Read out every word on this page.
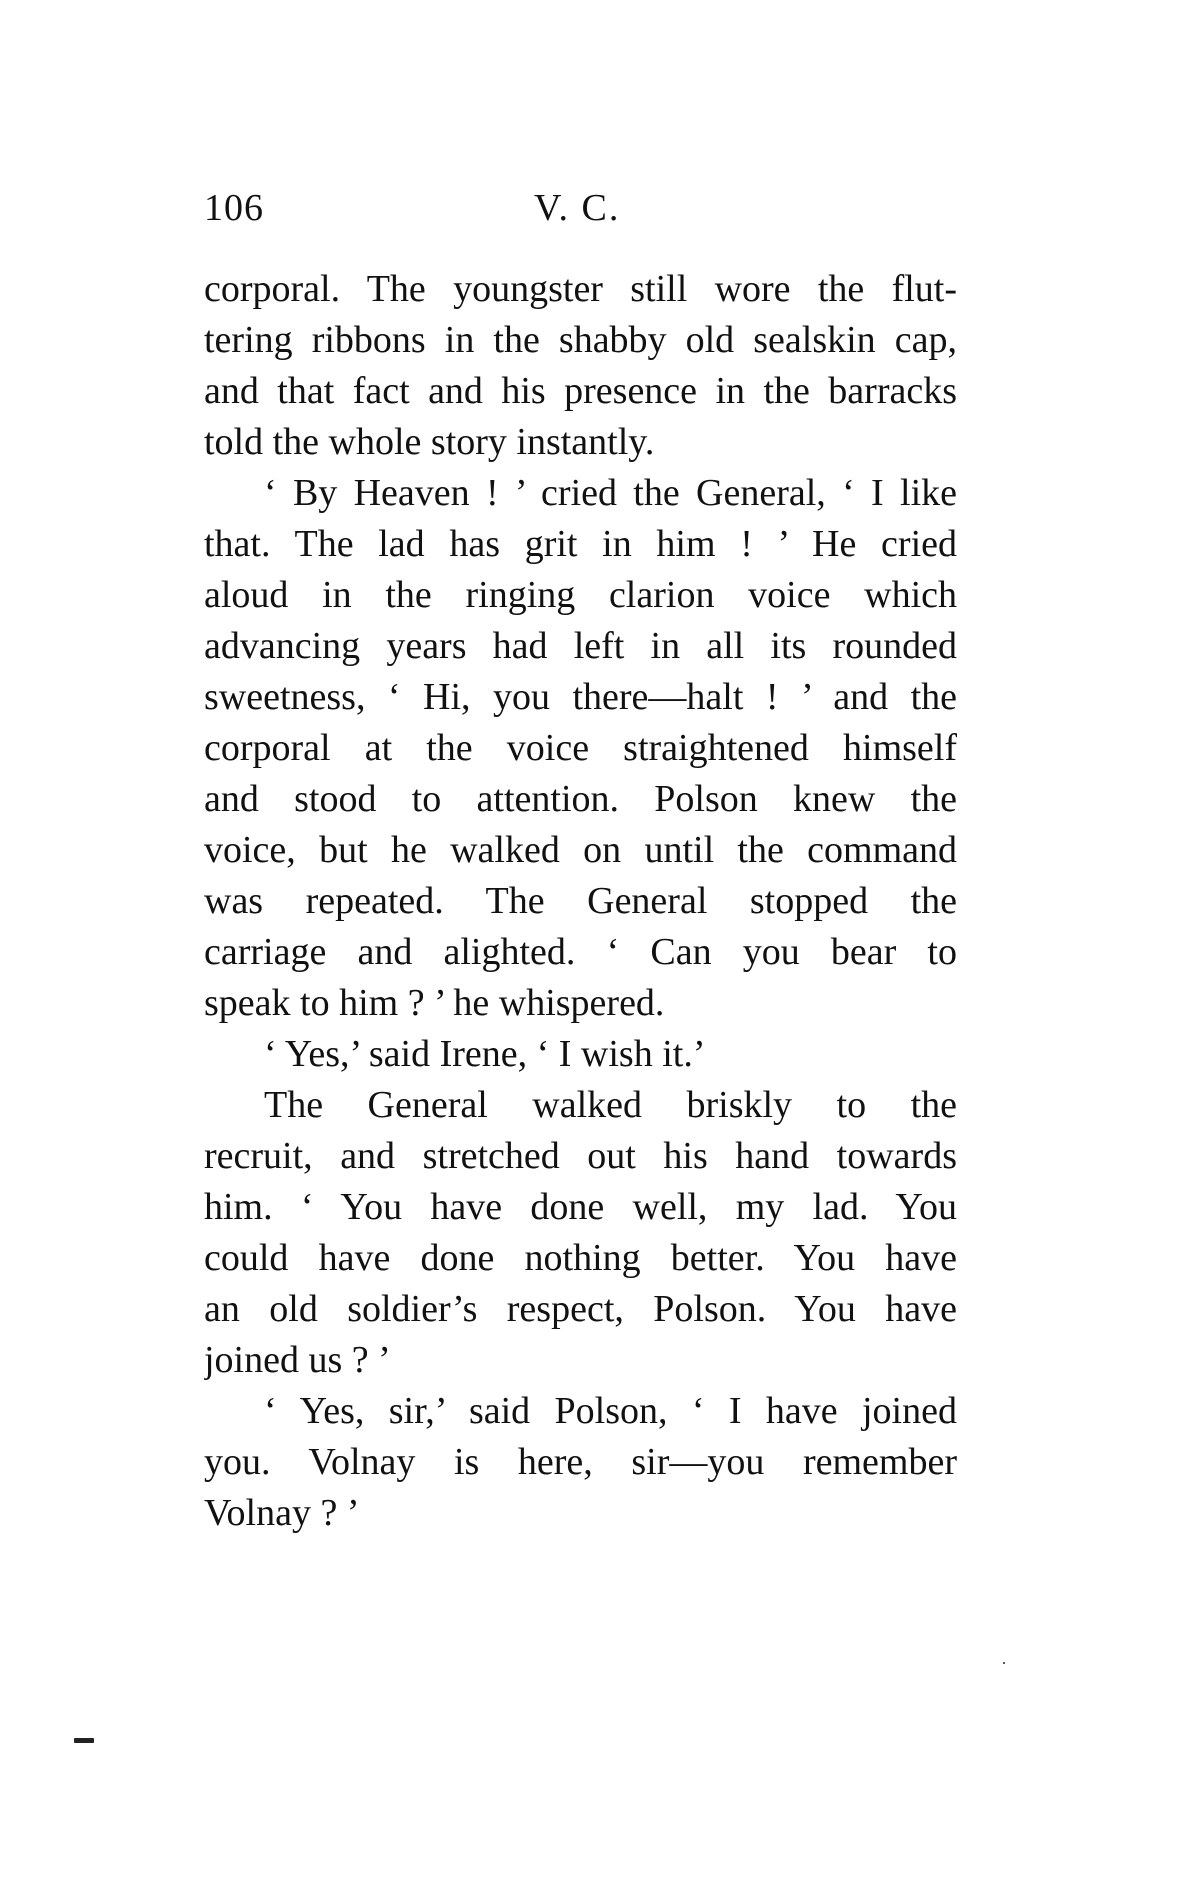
106	V. C.
corporal. The youngster still wore the flut-
tering ribbons in the shabby old sealskin cap,
and that fact and his presence in the barracks
told the whole story instantly.
‘ By Heaven ! ’ cried the General, ‘ I like
that. The lad has grit in him ! ’ He cried
aloud in the ringing clarion voice which
advancing years had left in all its rounded
sweetness, ‘ Hi, you there—halt ! ’ and the
corporal at the voice straightened himself
and stood to attention. Polson knew the
voice, but he walked on until the command
was repeated. The General stopped the
carriage and alighted. ‘ Can you bear to
speak to him ? ’ he whispered.
‘ Yes,’ said Irene, ‘ I wish it.’
The General walked briskly to the
recruit, and stretched out his hand towards
him. ‘ You have done well, my lad. You
could have done nothing better. You have
an old soldier’s respect, Polson. You have
joined us ? ’
‘ Yes, sir,’ said Polson, ‘ I have joined
you. Volnay is here, sir—you remember
Volnay ? ’
